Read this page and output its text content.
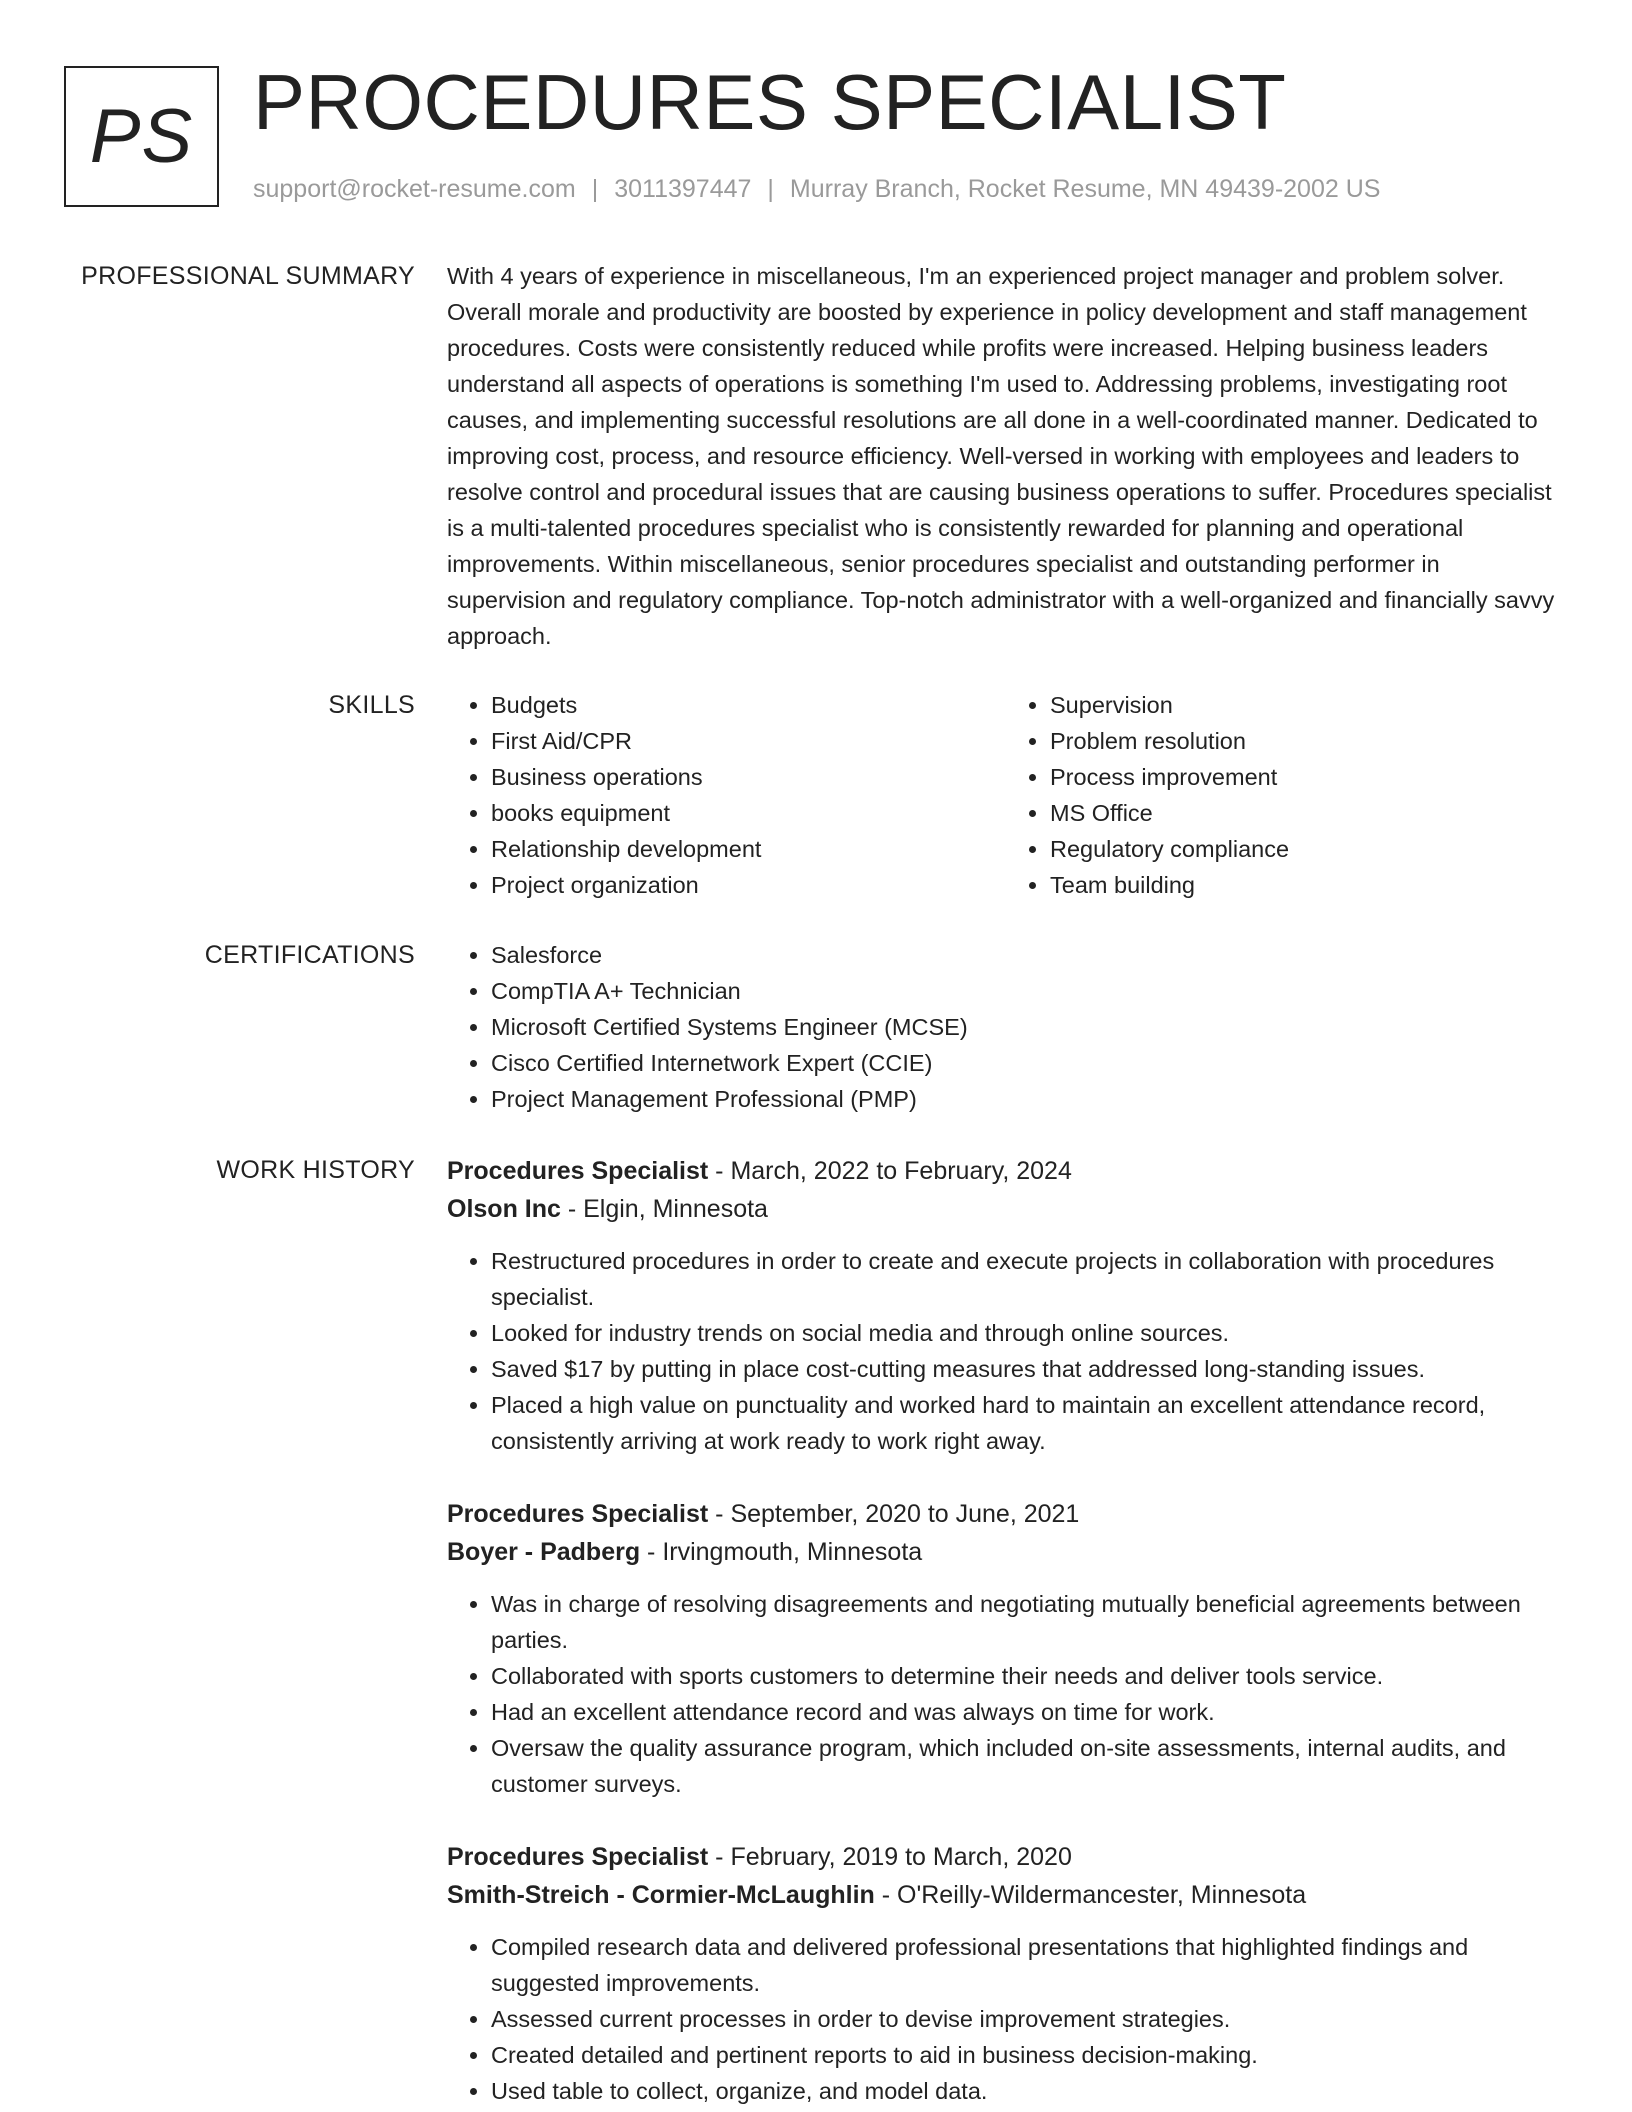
PS PROCEDURES SPECIALIST
support@rocket-resume.com | 3011397447 | Murray Branch, Rocket Resume, MN 49439-2002 US
PROFESSIONAL SUMMARY With 4 years of experience in miscellaneous, I'm an experienced project manager and problem solver. Overall morale and productivity are boosted by experience in policy development and staff management procedures. Costs were consistently reduced while profits were increased. Helping business leaders understand all aspects of operations is something I'm used to. Addressing problems, investigating root causes, and implementing successful resolutions are all done in a well-coordinated manner. Dedicated to improving cost, process, and resource efficiency. Well-versed in working with employees and leaders to resolve control and procedural issues that are causing business operations to suffer. Procedures specialist is a multi-talented procedures specialist who is consistently rewarded for planning and operational improvements. Within miscellaneous, senior procedures specialist and outstanding performer in supervision and regulatory compliance. Top-notch administrator with a well-organized and financially savvy approach.
SKILLS	• Budgets
• First Aid/CPR
• Business operations
• books equipment
• Relationship development
• Project organization
• Supervision
• Problem resolution
• Process improvement
• MS Office
• Regulatory compliance
• Team building
CERTIFICATIONS	• Salesforce
• CompTIA A+ Technician
• Microsoft Certified Systems Engineer (MCSE)
• Cisco Certified Internetwork Expert (CCIE)
• Project Management Professional (PMP)
WORK HISTORY Procedures Specialist - March, 2022 to February, 2024
Olson Inc - Elgin, Minnesota
• Restructured procedures in order to create and execute projects in collaboration with procedures specialist.
• Looked for industry trends on social media and through online sources.
• Saved $17 by putting in place cost-cutting measures that addressed long-standing issues.
• Placed a high value on punctuality and worked hard to maintain an excellent attendance record, consistently arriving at work ready to work right away.
Procedures Specialist - September, 2020 to June, 2021
Boyer - Padberg - Irvingmouth, Minnesota
• Was in charge of resolving disagreements and negotiating mutually beneficial agreements between parties.
• Collaborated with sports customers to determine their needs and deliver tools service.
• Had an excellent attendance record and was always on time for work.
• Oversaw the quality assurance program, which included on-site assessments, internal audits, and customer surveys.
Procedures Specialist - February, 2019 to March, 2020
Smith-Streich - Cormier-McLaughlin - O'Reilly-Wildermancester, Minnesota
• Compiled research data and delivered professional presentations that highlighted findings and suggested improvements.
• Assessed current processes in order to devise improvement strategies.
• Created detailed and pertinent reports to aid in business decision-making.
• Used table to collect, organize, and model data.
